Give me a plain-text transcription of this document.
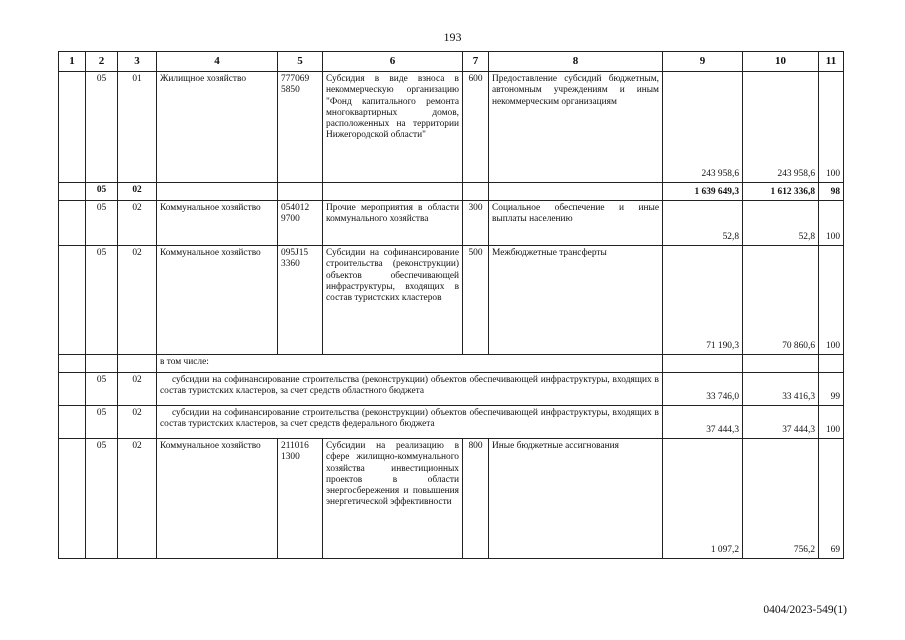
193
1	2	3	4	5	6	7	8	9	10	11
	05	01	Жилищное хозяйство	777069 5850	Субсидия в виде взноса в некоммерческую организацию "Фонд капитального ремонта многоквартирных домов, расположенных на территории Нижегородской области"	600	Предоставление субсидий бюджетным, автономным учреждениям и иным некоммерческим организациям	243 958,6	243 958,6	100
	05	02						1 639 649,3	1 612 336,8	98
	05	02	Коммунальное хозяйство	054012 9700	Прочие мероприятия в области коммунального хозяйства	300	Социальное обеспечение и иные выплаты населению	52,8	52,8	100
	05	02	Коммунальное хозяйство	095J15 3360	Субсидии на софинансирование строительства (реконструкции) объектов обеспечивающей инфраструктуры, входящих в состав туристских кластеров	500	Межбюджетные трансферты	71 190,3	70 860,6	100
			в том числе:							
	05	02	субсидии на софинансирование строительства (реконструкции) объектов обеспечивающей инфраструктуры, входящих в состав туристских кластеров, за счет средств областного бюджета					33 746,0	33 416,3	99
	05	02	субсидии на софинансирование строительства (реконструкции) объектов обеспечивающей инфраструктуры, входящих в состав туристских кластеров, за счет средств федерального бюджета					37 444,3	37 444,3	100
	05	02	Коммунальное хозяйство	211016 1300	Субсидии на реализацию в сфере жилищно-коммунального хозяйства инвестиционных проектов в области энергосбережения и повышения энергетической эффективности	800	Иные бюджетные ассигнования	1 097,2	756,2	69
0404/2023-549(1)
